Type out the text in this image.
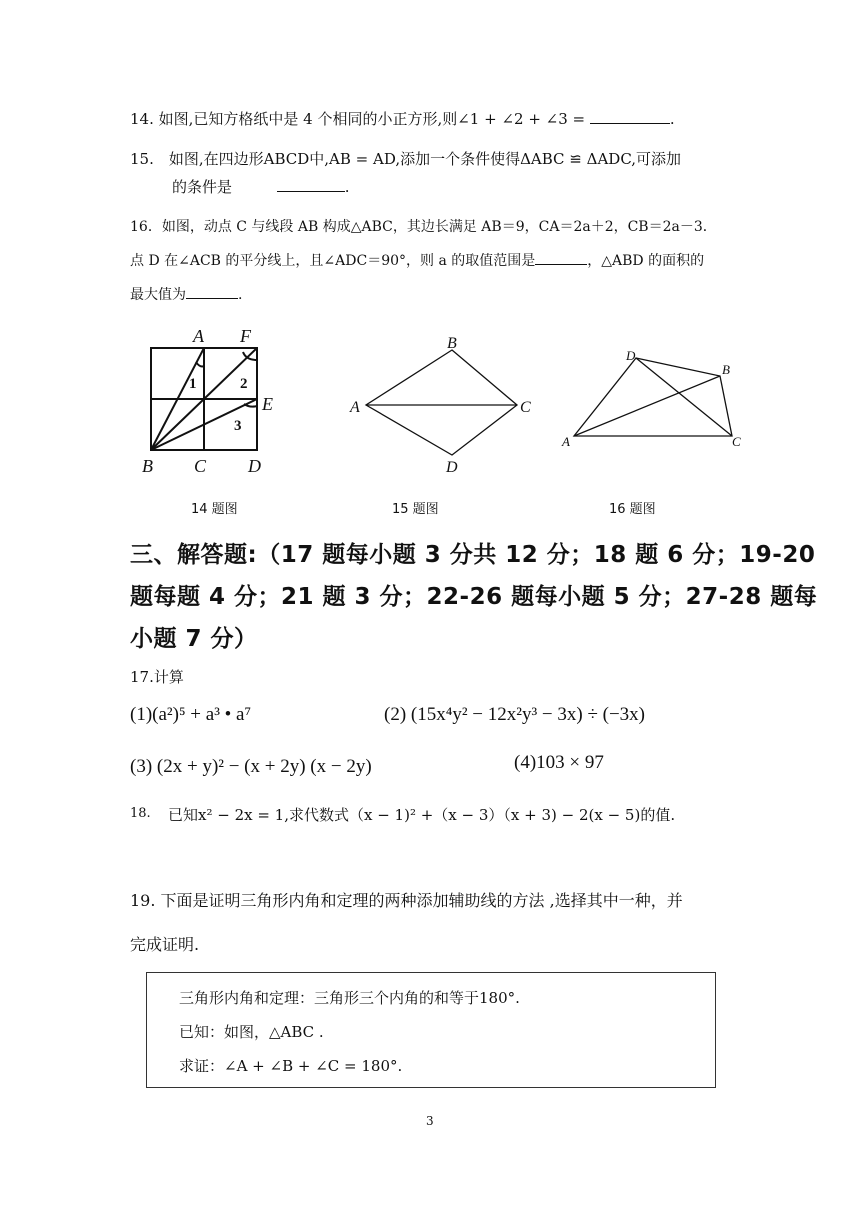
14. 如图,已知方格纸中是 4 个相同的小正方形,则∠1 + ∠2 + ∠3 =	.
15.　如图,在四边形ABCD中,AB = AD,添加一个条件使得ΔABC ≌ ΔADC,可添加
的条件是	.
16．如图，动点 C 与线段 AB 构成△ABC，其边长满足 AB＝9，CA＝2a＋2，CB＝2a－3．
点 D 在∠ACB 的平分线上，且∠ADC＝90°，则 a 的取值范围是	，△ABD 的面积的
最大值为	.
A F
E
B C D
1	2
3
B
A	C
D
D
B
A	C
14 题图	15 题图	16 题图
三、解答题:（17 题每小题 3 分共 12 分；18 题 6 分；19-20
题每题 4 分；21 题 3 分；22-26 题每小题 5 分；27-28 题每
小题 7 分）
17.计算
(1)(a²)⁵ + a³ • a⁷	(2) (15x⁴y² − 12x²y³ − 3x) ÷ (−3x)
(3) (2x + y)² − (x + 2y) (x − 2y)	(4)103 × 97
18. 已知x² − 2x = 1,求代数式（x − 1)² +（x − 3）（x + 3) − 2(x − 5)的值.
19. 下面是证明三角形内角和定理的两种添加辅助线的方法 ,选择其中一种，并
完成证明.
三角形内角和定理：三角形三个内角的和等于180°.
已知：如图，△ABC .
求证：∠A + ∠B + ∠C = 180°.
3
